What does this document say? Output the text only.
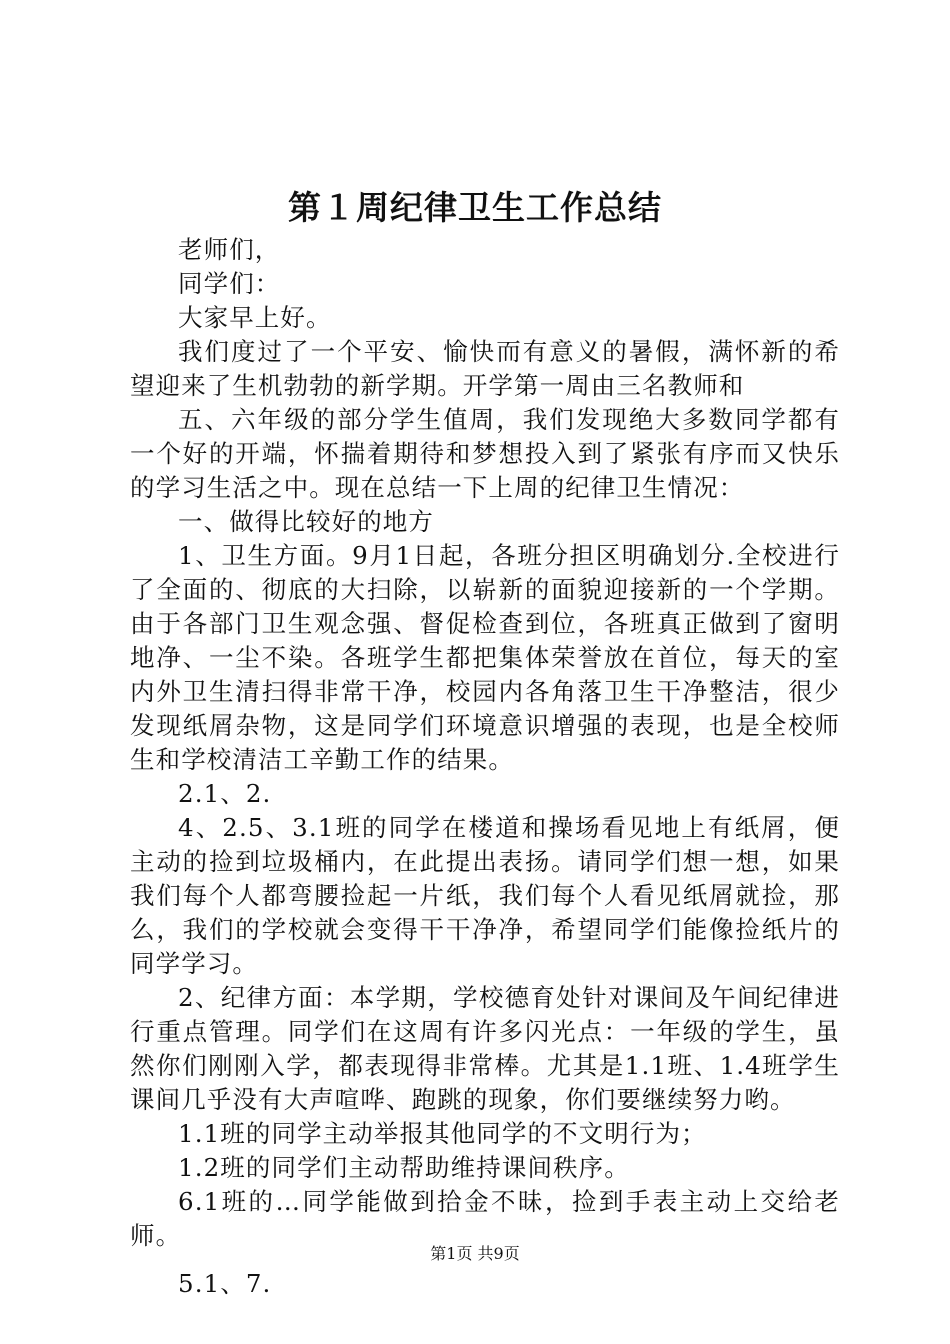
第１周纪律卫生工作总结

老师们，

同学们：

大家早上好。

我们度过了一个平安、愉快而有意义的暑假，满怀新的希望迎来了生机勃勃的新学期。开学第一周由三名教师和

五、六年级的部分学生值周，我们发现绝大多数同学都有一个好的开端，怀揣着期待和梦想投入到了紧张有序而又快乐的学习生活之中。现在总结一下上周的纪律卫生情况：

一、做得比较好的地方

1、卫生方面。9月1日起，各班分担区明确划分.全校进行了全面的、彻底的大扫除，以崭新的面貌迎接新的一个学期。由于各部门卫生观念强、督促检查到位，各班真正做到了窗明地净、一尘不染。各班学生都把集体荣誉放在首位，每天的室内外卫生清扫得非常干净，校园内各角落卫生干净整洁，很少发现纸屑杂物，这是同学们环境意识增强的表现，也是全校师生和学校清洁工辛勤工作的结果。

2.1、2.

4、2.5、3.1班的同学在楼道和操场看见地上有纸屑，便主动的捡到垃圾桶内，在此提出表扬。请同学们想一想，如果我们每个人都弯腰捡起一片纸，我们每个人看见纸屑就捡，那么，我们的学校就会变得干干净净，希望同学们能像捡纸片的同学学习。

2、纪律方面：本学期，学校德育处针对课间及午间纪律进行重点管理。同学们在这周有许多闪光点：一年级的学生，虽然你们刚刚入学，都表现得非常棒。尤其是1.1班、1.4班学生课间几乎没有大声喧哗、跑跳的现象，你们要继续努力哟。

1.1班的同学主动举报其他同学的不文明行为；

1.2班的同学们主动帮助维持课间秩序。

6.1班的…同学能做到拾金不昧，捡到手表主动上交给老师。

5.1、7.

第1页 共9页
